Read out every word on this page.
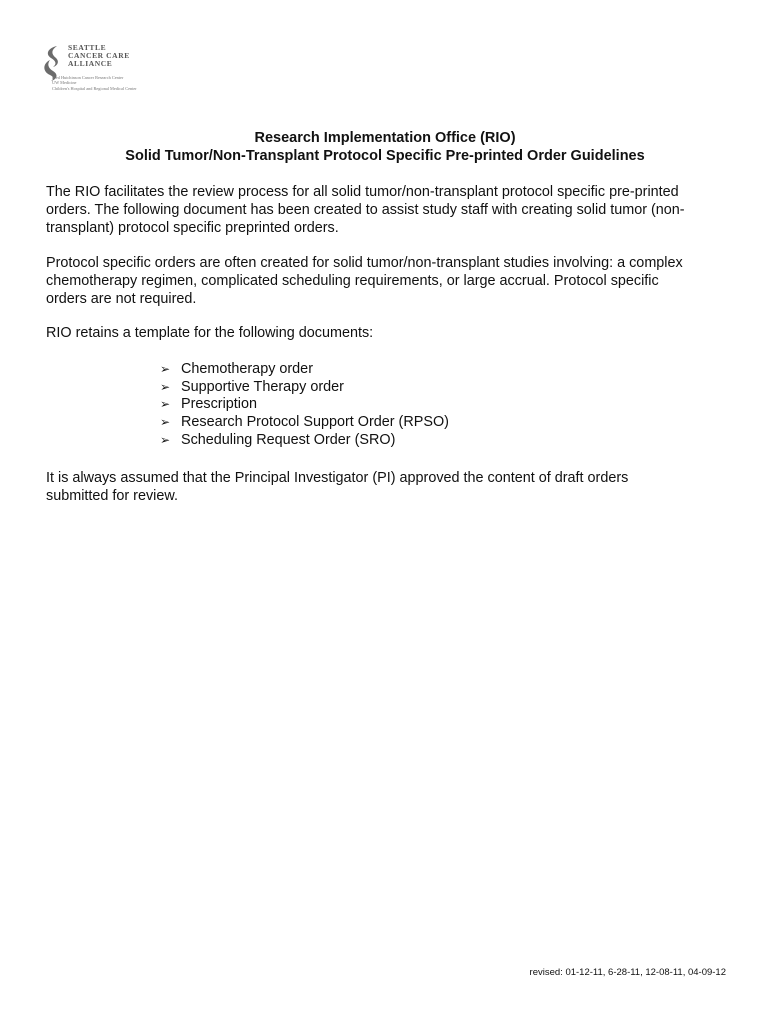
SEATTLE
CANCER CARE
ALLIANCE
Fred Hutchinson Cancer Research Center
UW Medicine
Children's Hospital and Regional Medical Center
Research Implementation Office (RIO)
Solid Tumor/Non-Transplant Protocol Specific Pre-printed Order Guidelines

The RIO facilitates the review process for all solid tumor/non-transplant protocol specific pre-printed
orders. The following document has been created to assist study staff with creating solid tumor (non-
transplant) protocol specific preprinted orders.

Protocol specific orders are often created for solid tumor/non-transplant studies involving: a complex
chemotherapy regimen, complicated scheduling requirements, or large accrual. Protocol specific
orders are not required.

RIO retains a template for the following documents:

➢ Chemotherapy order
➢ Supportive Therapy order
➢ Prescription
➢ Research Protocol Support Order (RPSO)
➢ Scheduling Request Order (SRO)

It is always assumed that the Principal Investigator (PI) approved the content of draft orders
submitted for review.

revised: 01-12-11, 6-28-11, 12-08-11, 04-09-12
